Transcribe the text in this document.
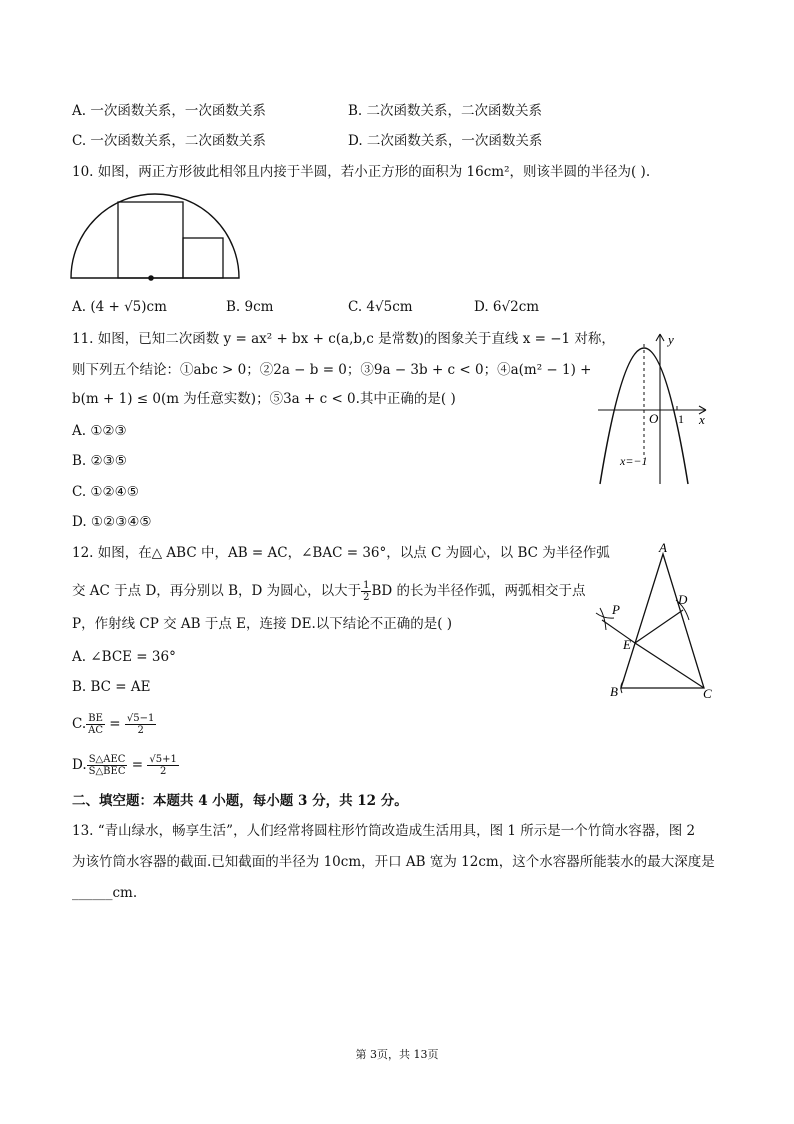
A. 一次函数关系，一次函数关系	B. 二次函数关系，二次函数关系
C. 一次函数关系，二次函数关系	D. 二次函数关系，一次函数关系
10. 如图，两正方形彼此相邻且内接于半圆，若小正方形的面积为 16cm²，则该半圆的半径为( ).
A. (4 + √5)cm	B. 9cm	C. 4√5cm	D. 6√2cm
11. 如图，已知二次函数 y = ax² + bx + c(a,b,c 是常数)的图象关于直线 x = −1 对称，
则下列五个结论：①abc > 0；②2a − b = 0；③9a − 3b + c < 0；④a(m² − 1) +
b(m + 1) ≤ 0(m 为任意实数)；⑤3a + c < 0.其中正确的是( )
A. ①②③
B. ②③⑤
C. ①②④⑤
D. ①②③④⑤
y
x
O 1
x=−1
12. 如图，在△ ABC 中，AB = AC，∠BAC = 36°，以点 C 为圆心，以 BC 为半径作弧
交 AC 于点 D，再分别以 B，D 为圆心，以大于 $\frac{1}{2}$ BD 的长为半径作弧，两弧相交于点
P，作射线 CP 交 AB 于点 E，连接 DE.以下结论不正确的是( )
A. ∠BCE = 36°
B. BC = AE
C. $\frac{BE}{AC} = \frac{√5-1}{2}$
D. $\frac{\text{S△AEC}}{\text{S△BEC}} = \frac{√5+1}{2}$
A
B	C
D
E
P
二、填空题：本题共 4 小题，每小题 3 分，共 12 分。
13. “青山绿水，畅享生活”，人们经常将圆柱形竹筒改造成生活用具，图 1 所示是一个竹筒水容器，图 2
为该竹筒水容器的截面.已知截面的半径为 10cm，开口 AB 宽为 12cm，这个水容器所能装水的最大深度是
______cm.
第 3页，共 13页
